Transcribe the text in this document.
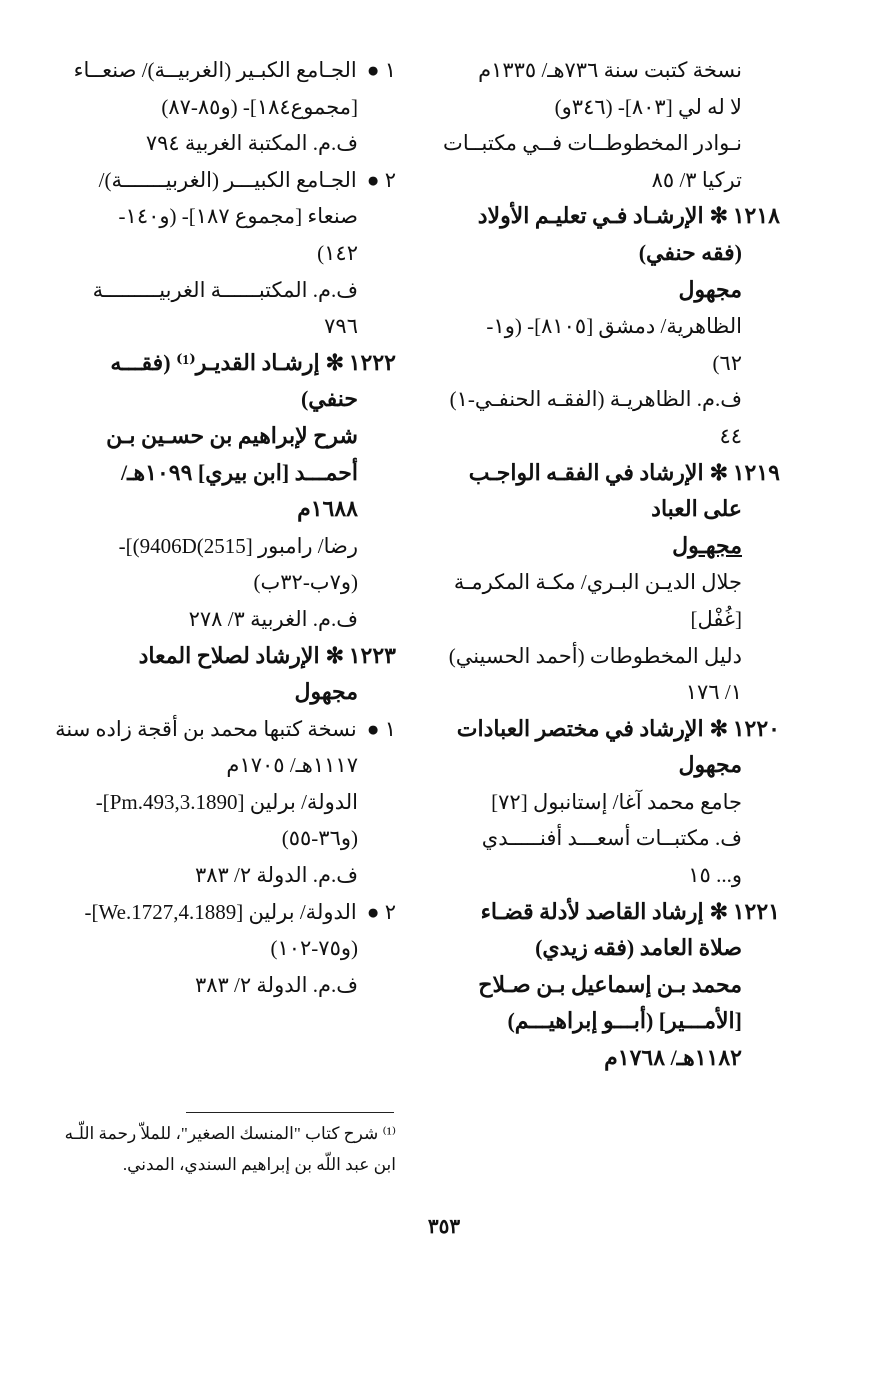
نسخة كتبت سنة ٧٣٦هـ/ ١٣٣٥م
لا له لي [٨٠٣]- (٣٤٦و)
نـوادر المخطوطــات فــي مكتبــات
تركيا ٣/ ٨٥
١٢١٨✻الإرشـاد فـي تعليـم الأولاد
(فقه حنفي)
مجهول
الظاهرية/ دمشق [٨١٠٥]- (و١-
٦٢)
ف.م. الظاهريـة (الفقـه الحنفـي-١)
٤٤
١٢١٩✻الإرشاد في الفقـه الواجـب
على العباد
مجهـول
جلال الديـن البـري/ مكـة المكرمـة
[غُفْل]
دليل المخطوطات (أحمد الحسيني)
١/ ١٧٦
١٢٢٠✻الإرشاد في مختصر العبادات
مجهول
جامع محمد آغا/ إستانبول [٧٢]
ف. مكتبــات أسعـــد أفنـــــدي
و... ١٥
١٢٢١✻إرشاد القاصد لأدلة قضـاء
صلاة العامد (فقه زيدي)
محمد بـن إسماعيل بـن صـلاح
[الأمـــير] (أبـــو إبراهيـــم)
١١٨٢هـ/ ١٧٦٨م
١ ● الجـامع الكبـير (الغربيــة)/ صنعــاء
[مجموع١٨٤]- (و٨٥-٨٧)
ف.م. المكتبة الغربية ٧٩٤
٢ ● الجـامع الكبيـــر (الغربيـــــــة)/
صنعاء [مجموع ١٨٧]- (و١٤٠-
١٤٢)
ف.م. المكتبــــــة الغربيـــــــــة
٧٩٦
١٢٢٢✻إرشـاد القديـر⁽¹⁾ (فقـــه
حنفي)
شرح لإبراهيم بن حسـين بـن
أحمـــد [ابن بيري] ١٠٩٩هـ/
١٦٨٨م
رضا/ رامبور [2515)9406D)]-
(و٧ب-٣٢ب)
ف.م. الغربية ٣/ ٢٧٨
١٢٢٣✻الإرشاد لصلاح المعاد
مجهول
١ ● نسخة كتبها محمد بن أقجة زاده سنة
١١١٧هـ/ ١٧٠٥م
الدولة/ برلين [1890.Pm.493,3]-
(و٣٦-٥٥)
ف.م. الدولة ٢/ ٣٨٣
٢ ● الدولة/ برلين [1889.We.1727,4]-
(و٧٥-١٠٢)
ف.م. الدولة ٢/ ٣٨٣
⁽¹⁾ شرح كتاب "المنسك الصغير"، للملاّ رحمة اللّـه
ابن عبد اللّه بن إبراهيم السندي، المدني.
٣٥٣
